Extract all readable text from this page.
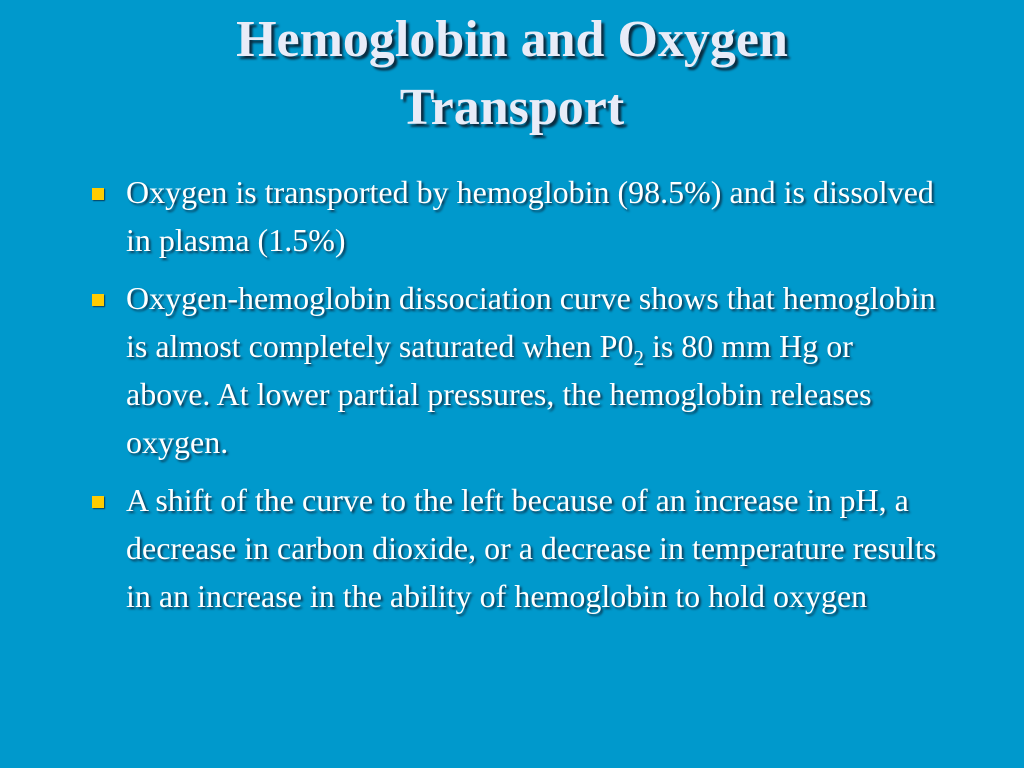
Hemoglobin and Oxygen
Transport
Oxygen is transported by hemoglobin (98.5%) and is dissolved in plasma (1.5%)
Oxygen-hemoglobin dissociation curve shows that hemoglobin is almost completely saturated when $P0_2$ is 80 mm Hg or above. At lower partial pressures, the hemoglobin releases oxygen.
A shift of the curve to the left because of an increase in pH, a decrease in carbon dioxide, or a decrease in temperature results in an increase in the ability of hemoglobin to hold oxygen
